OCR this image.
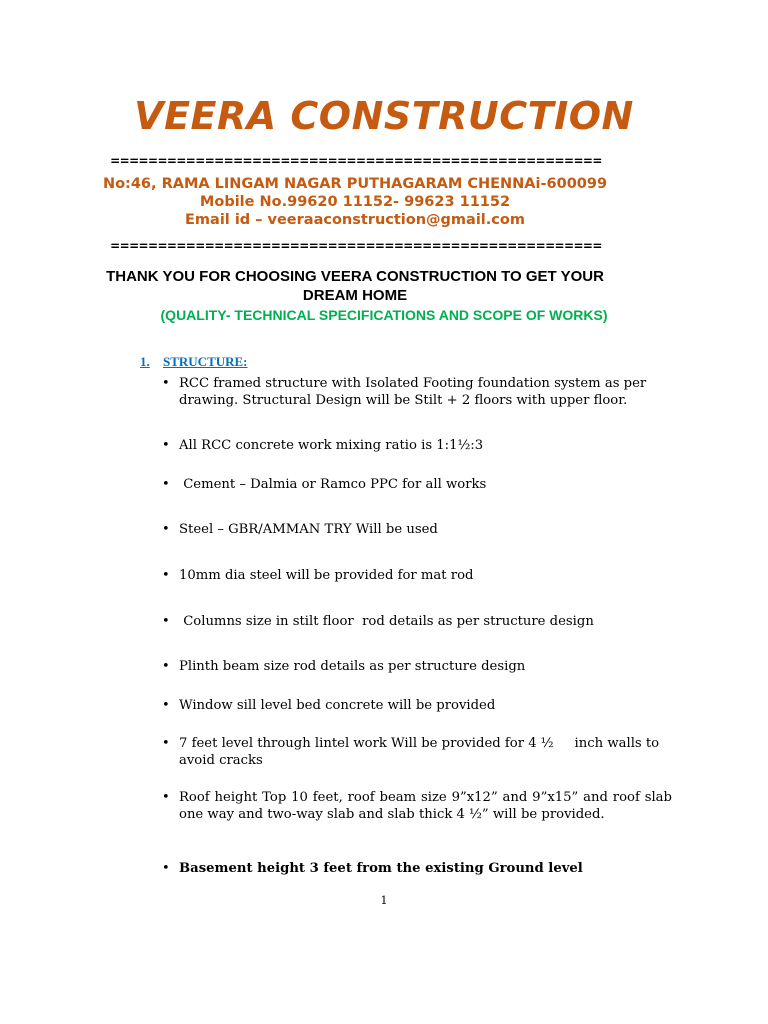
VEERA CONSTRUCTION
====================================================
No:46, RAMA LINGAM NAGAR PUTHAGARAM CHENNAi-600099
Mobile No.99620 11152- 99623 11152
Email id – veeraaconstruction@gmail.com
====================================================
THANK YOU FOR CHOOSING VEERA CONSTRUCTION TO GET YOUR
DREAM HOME
(QUALITY- TECHNICAL SPECIFICATIONS AND SCOPE OF WORKS)
1. STRUCTURE:
• RCC framed structure with Isolated Footing foundation system as per drawing. Structural Design will be Stilt + 2 floors with upper floor.
• All RCC concrete work mixing ratio is 1:1½:3
• Cement – Dalmia or Ramco PPC for all works
• Steel – GBR/AMMAN TRY Will be used
• 10mm dia steel will be provided for mat rod
• Columns size in stilt floor  rod details as per structure design
• Plinth beam size rod details as per structure design
• Window sill level bed concrete will be provided
• 7 feet level through lintel work Will be provided for 4 ½     inch walls to avoid cracks
• Roof height Top 10 feet, roof beam size 9”x12” and 9”x15” and roof slab one way and two-way slab and slab thick 4 ½” will be provided.
• Basement height 3 feet from the existing Ground level
1
